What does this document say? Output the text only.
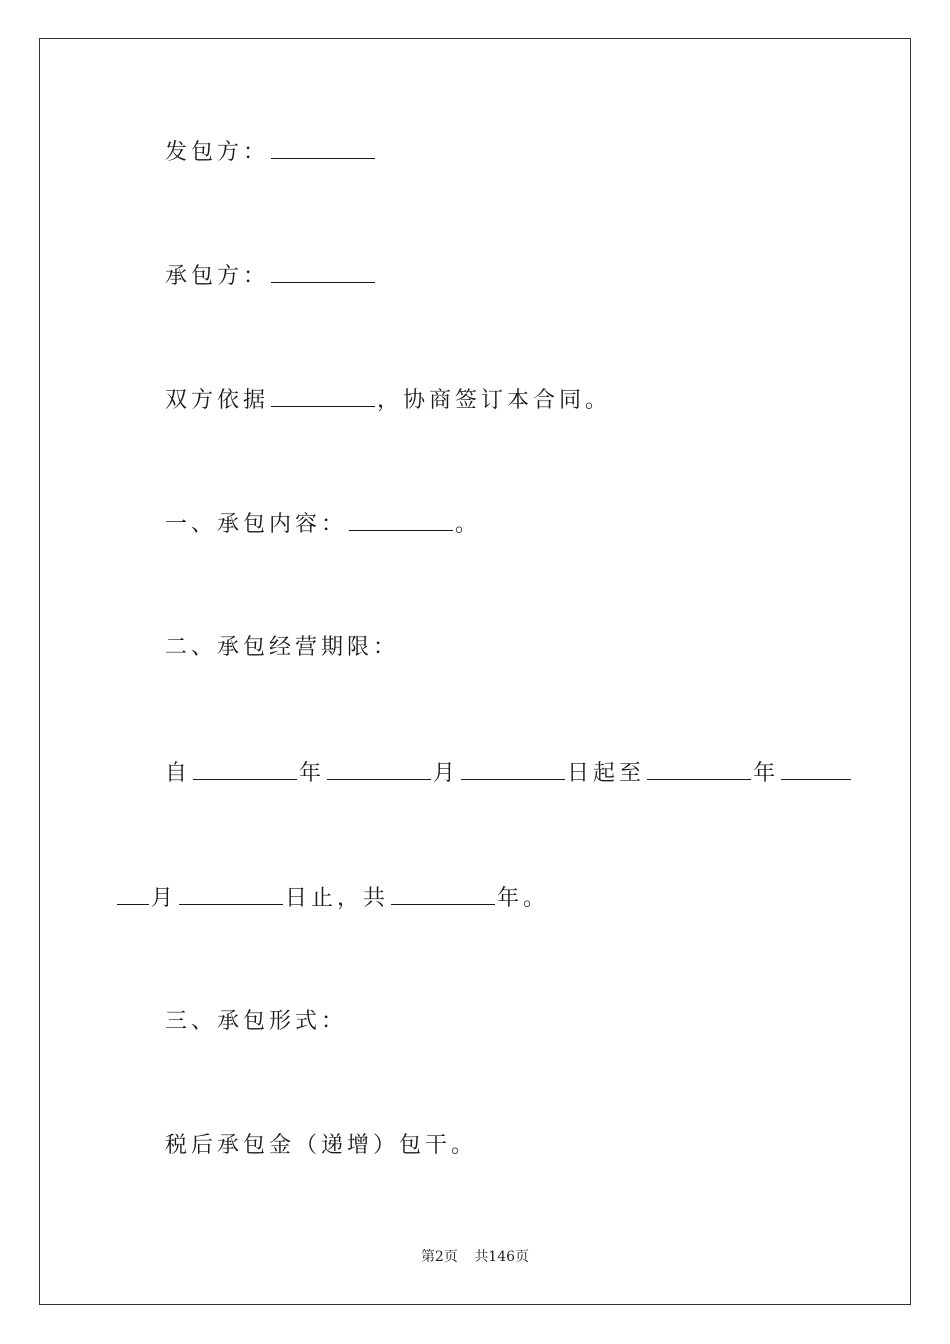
发包方：
承包方：
双方依据	，协商签订本合同。
一、承包内容：	。
二、承包经营期限：
自	年	月	日起至	年
月	日止，共	年。
三、承包形式：
税后承包金（递增）包干。
第2页 共146页
